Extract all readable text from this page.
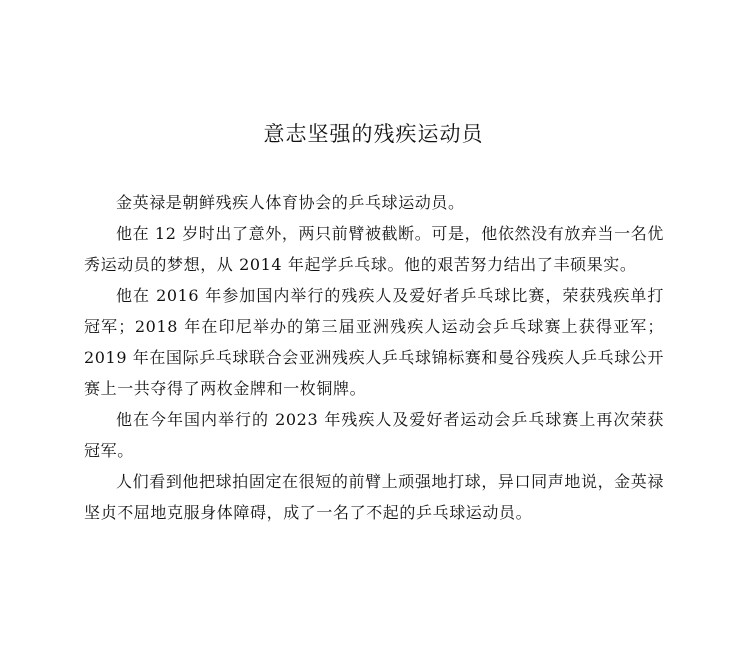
意志坚强的残疾运动员

金英禄是朝鲜残疾人体育协会的乒乓球运动员。

他在 12 岁时出了意外，两只前臂被截断。可是，他依然没有放弃当一名优秀运动员的梦想，从 2014 年起学乒乓球。他的艰苦努力结出了丰硕果实。

他在 2016 年参加国内举行的残疾人及爱好者乒乓球比赛，荣获残疾单打冠军；2018 年在印尼举办的第三届亚洲残疾人运动会乒乓球赛上获得亚军；2019 年在国际乒乓球联合会亚洲残疾人乒乓球锦标赛和曼谷残疾人乒乓球公开赛上一共夺得了两枚金牌和一枚铜牌。

他在今年国内举行的 2023 年残疾人及爱好者运动会乒乓球赛上再次荣获冠军。

人们看到他把球拍固定在很短的前臂上顽强地打球，异口同声地说，金英禄坚贞不屈地克服身体障碍，成了一名了不起的乒乓球运动员。
